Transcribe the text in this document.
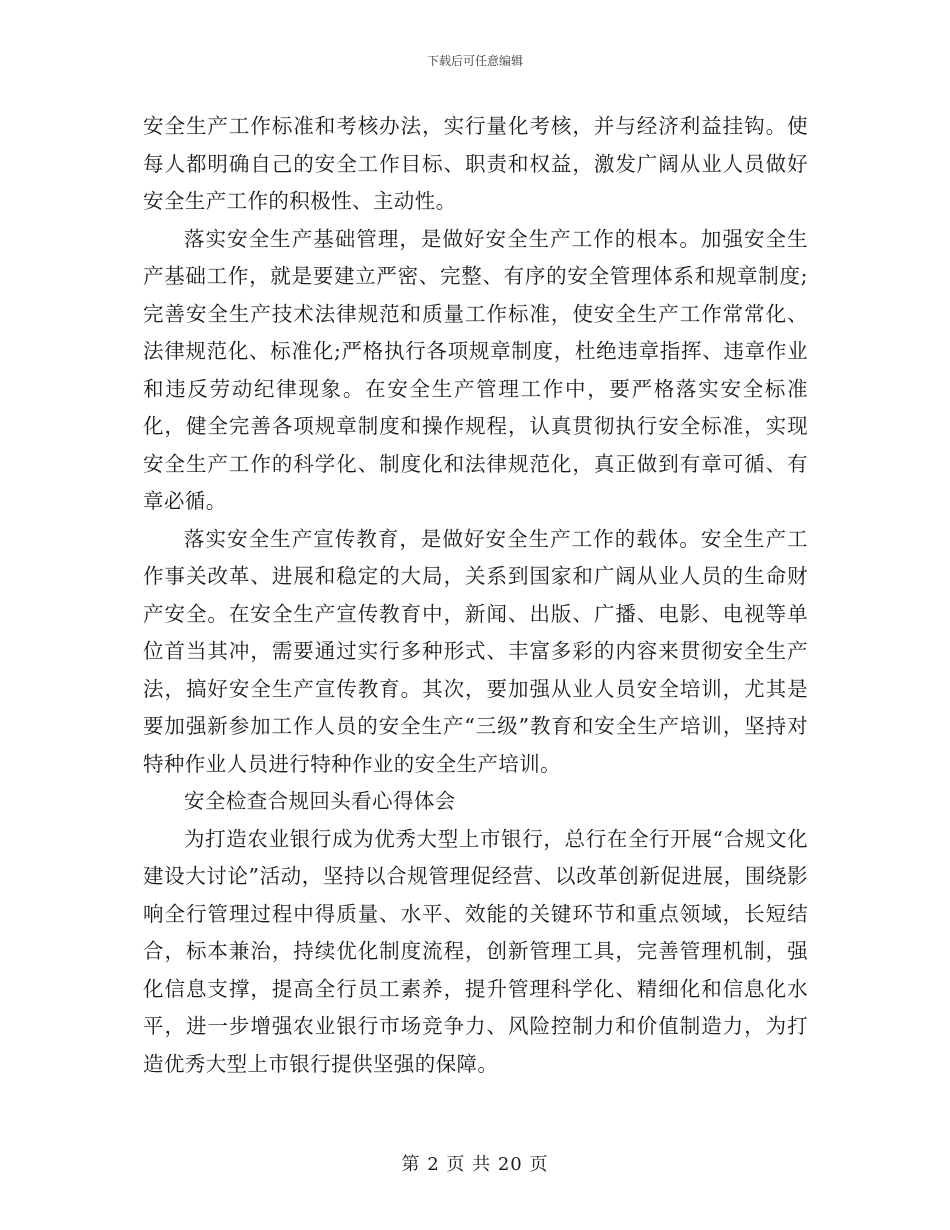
下载后可任意编辑

安全生产工作标准和考核办法，实行量化考核，并与经济利益挂钩。使每人都明确自己的安全工作目标、职责和权益，激发广阔从业人员做好安全生产工作的积极性、主动性。

落实安全生产基础管理，是做好安全生产工作的根本。加强安全生产基础工作，就是要建立严密、完整、有序的安全管理体系和规章制度;完善安全生产技术法律规范和质量工作标准，使安全生产工作常常化、法律规范化、标准化;严格执行各项规章制度，杜绝违章指挥、违章作业和违反劳动纪律现象。在安全生产管理工作中，要严格落实安全标准化，健全完善各项规章制度和操作规程，认真贯彻执行安全标准，实现安全生产工作的科学化、制度化和法律规范化，真正做到有章可循、有章必循。

落实安全生产宣传教育，是做好安全生产工作的载体。安全生产工作事关改革、进展和稳定的大局，关系到国家和广阔从业人员的生命财产安全。在安全生产宣传教育中，新闻、出版、广播、电影、电视等单位首当其冲，需要通过实行多种形式、丰富多彩的内容来贯彻安全生产法，搞好安全生产宣传教育。其次，要加强从业人员安全培训，尤其是要加强新参加工作人员的安全生产“三级”教育和安全生产培训，坚持对特种作业人员进行特种作业的安全生产培训。

安全检查合规回头看心得体会

为打造农业银行成为优秀大型上市银行，总行在全行开展“合规文化建设大讨论”活动，坚持以合规管理促经营、以改革创新促进展，围绕影响全行管理过程中得质量、水平、效能的关键环节和重点领域，长短结合，标本兼治，持续优化制度流程，创新管理工具，完善管理机制，强化信息支撑，提高全行员工素养，提升管理科学化、精细化和信息化水平，进一步增强农业银行市场竞争力、风险控制力和价值制造力，为打造优秀大型上市银行提供坚强的保障。

第 2 页 共 20 页
